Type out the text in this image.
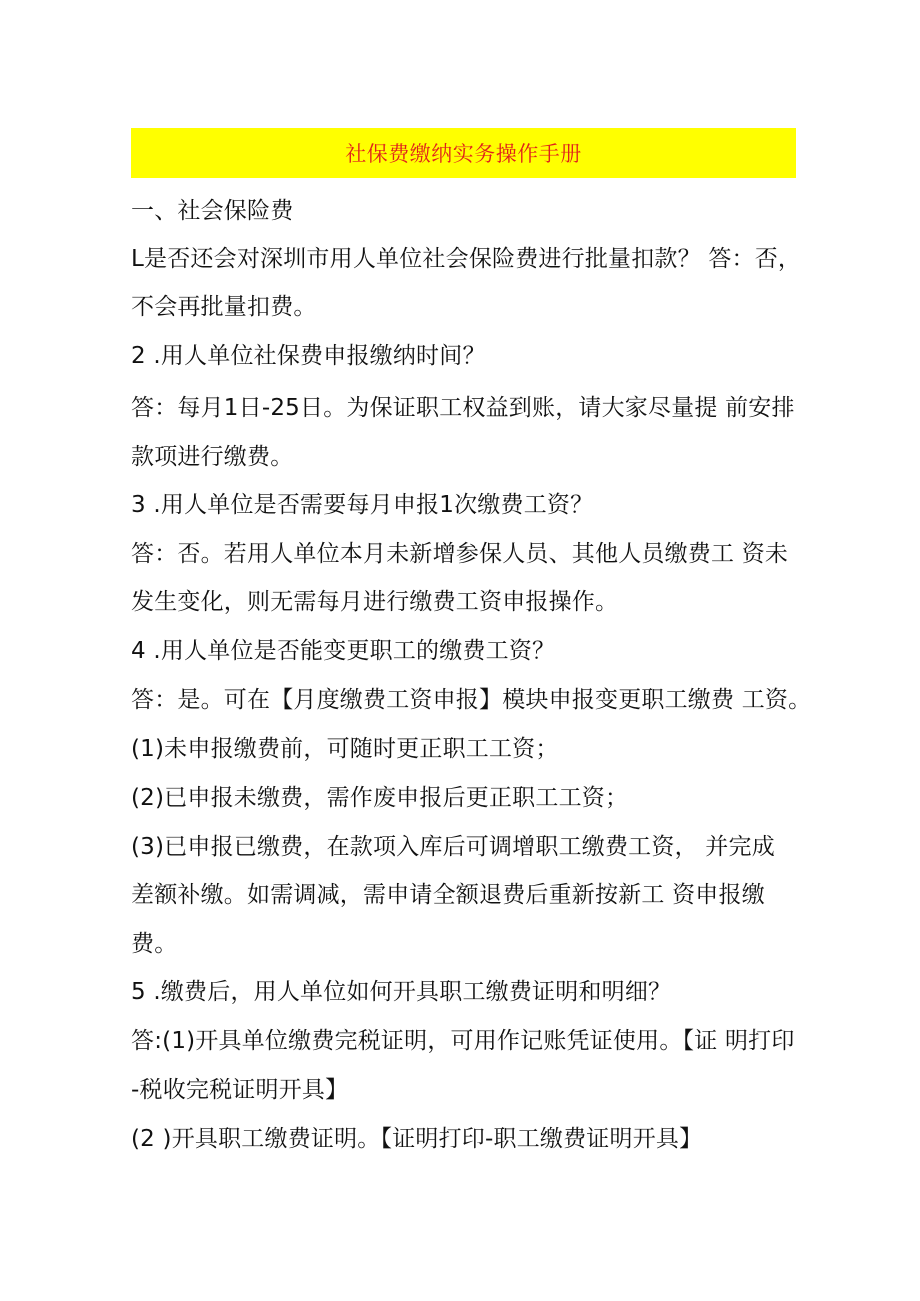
社保费缴纳实务操作手册
一、社会保险费
L是否还会对深圳市用人单位社会保险费进行批量扣款？ 答：否，
不会再批量扣费。
2 .用人单位社保费申报缴纳时间？
答：每月1日-25日。为保证职工权益到账，请大家尽量提 前安排
款项进行缴费。
3 .用人单位是否需要每月申报1次缴费工资？
答：否。若用人单位本月未新增参保人员、其他人员缴费工 资未
发生变化，则无需每月进行缴费工资申报操作。
4 .用人单位是否能变更职工的缴费工资？
答：是。可在【月度缴费工资申报】模块申报变更职工缴费 工资。
(1)未申报缴费前，可随时更正职工工资；
(2)已申报未缴费，需作废申报后更正职工工资；
(3)已申报已缴费，在款项入库后可调增职工缴费工资， 并完成
差额补缴。如需调减，需申请全额退费后重新按新工 资申报缴
费。
5 .缴费后，用人单位如何开具职工缴费证明和明细？
答:(1)开具单位缴费完税证明，可用作记账凭证使用。【证 明打印
-税收完税证明开具】
(2 )开具职工缴费证明。【证明打印-职工缴费证明开具】
